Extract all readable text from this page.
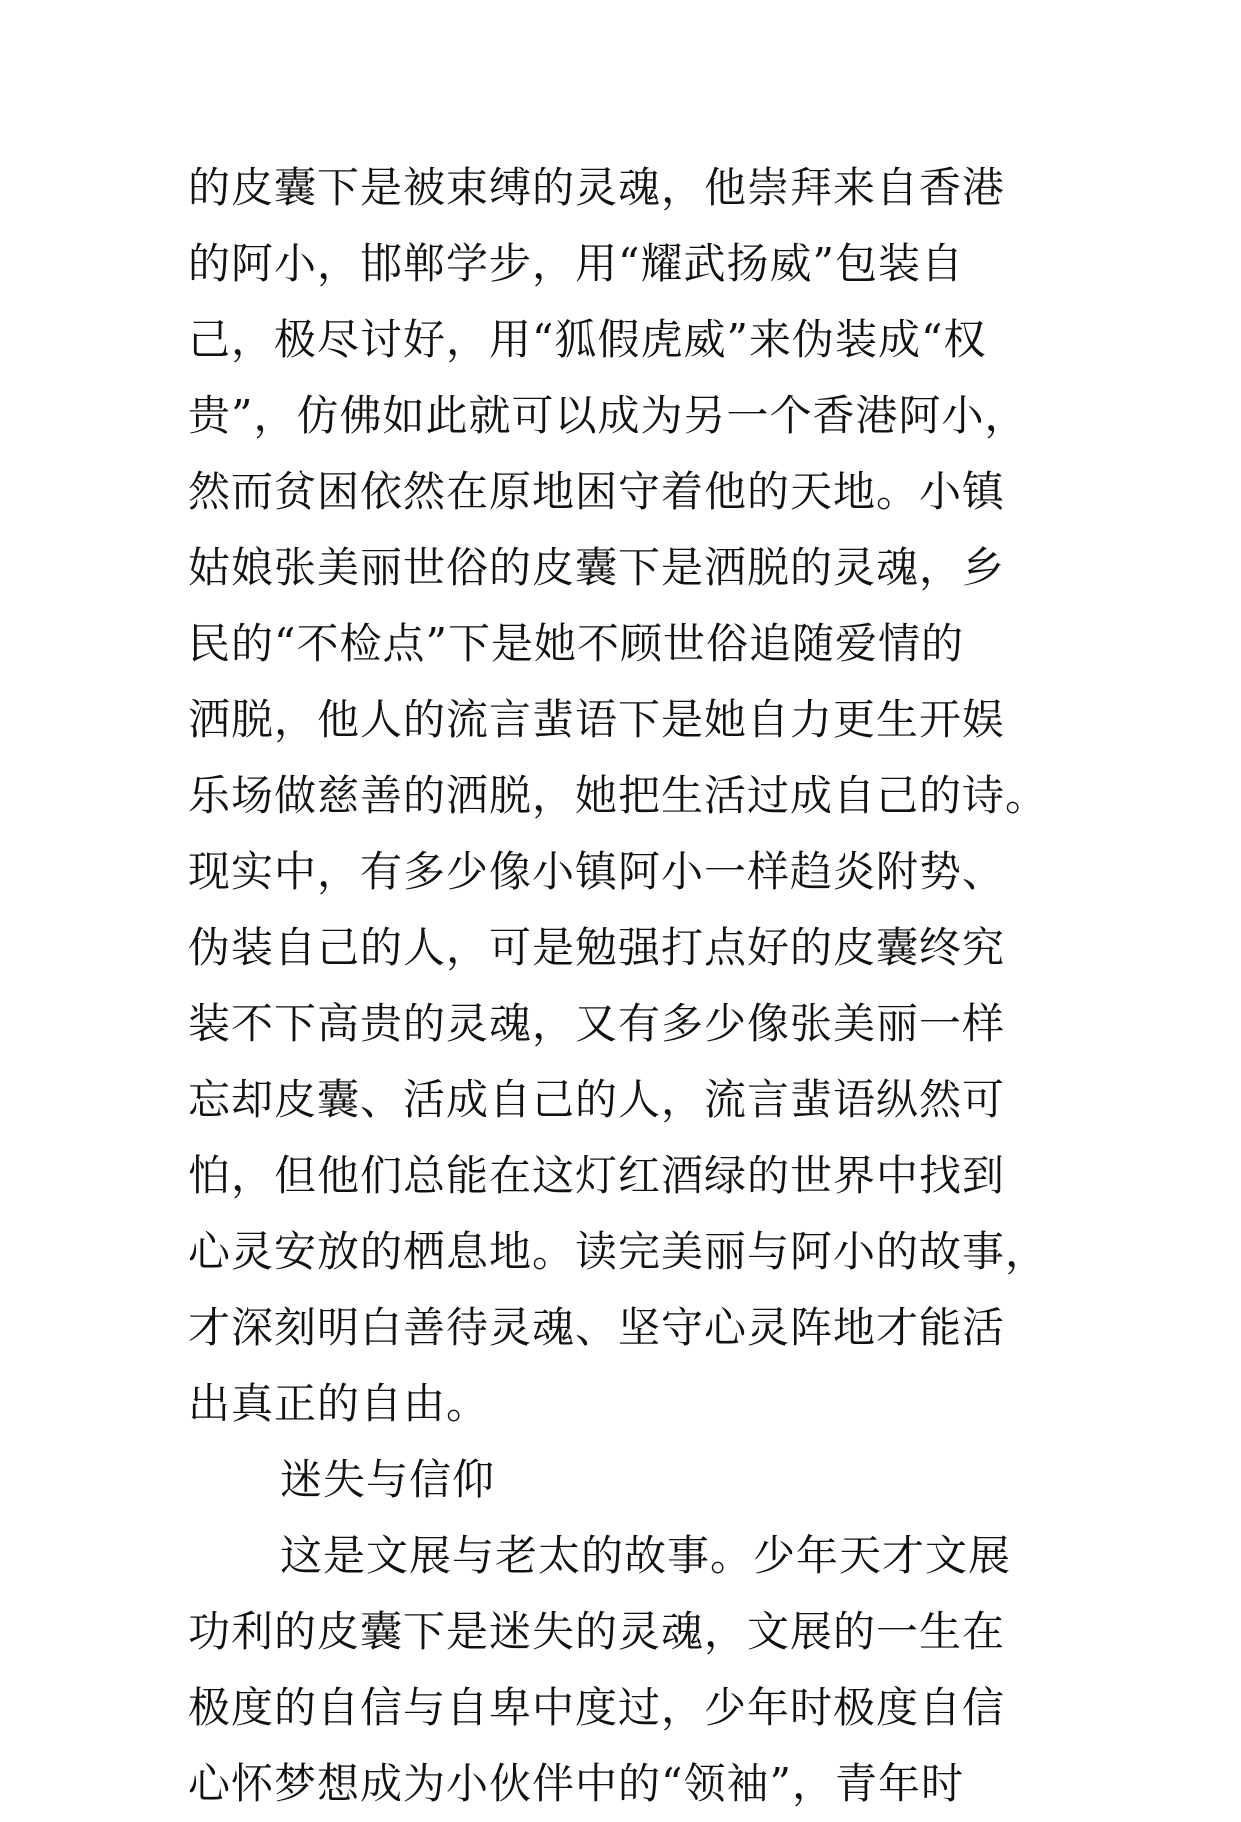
的皮囊下是被束缚的灵魂，他崇拜来自香港
的阿小，邯郸学步，用“耀武扬威”包装自
己，极尽讨好，用“狐假虎威”来伪装成“权
贵”，仿佛如此就可以成为另一个香港阿小，
然而贫困依然在原地困守着他的天地。小镇
姑娘张美丽世俗的皮囊下是洒脱的灵魂，乡
民的“不检点”下是她不顾世俗追随爱情的
洒脱，他人的流言蜚语下是她自力更生开娱
乐场做慈善的洒脱，她把生活过成自己的诗。
现实中，有多少像小镇阿小一样趋炎附势、
伪装自己的人，可是勉强打点好的皮囊终究
装不下高贵的灵魂，又有多少像张美丽一样
忘却皮囊、活成自己的人，流言蜚语纵然可
怕，但他们总能在这灯红酒绿的世界中找到
心灵安放的栖息地。读完美丽与阿小的故事，
才深刻明白善待灵魂、坚守心灵阵地才能活
出真正的自由。
迷失与信仰
这是文展与老太的故事。少年天才文展
功利的皮囊下是迷失的灵魂，文展的一生在
极度的自信与自卑中度过，少年时极度自信
心怀梦想成为小伙伴中的“领袖”，青年时
